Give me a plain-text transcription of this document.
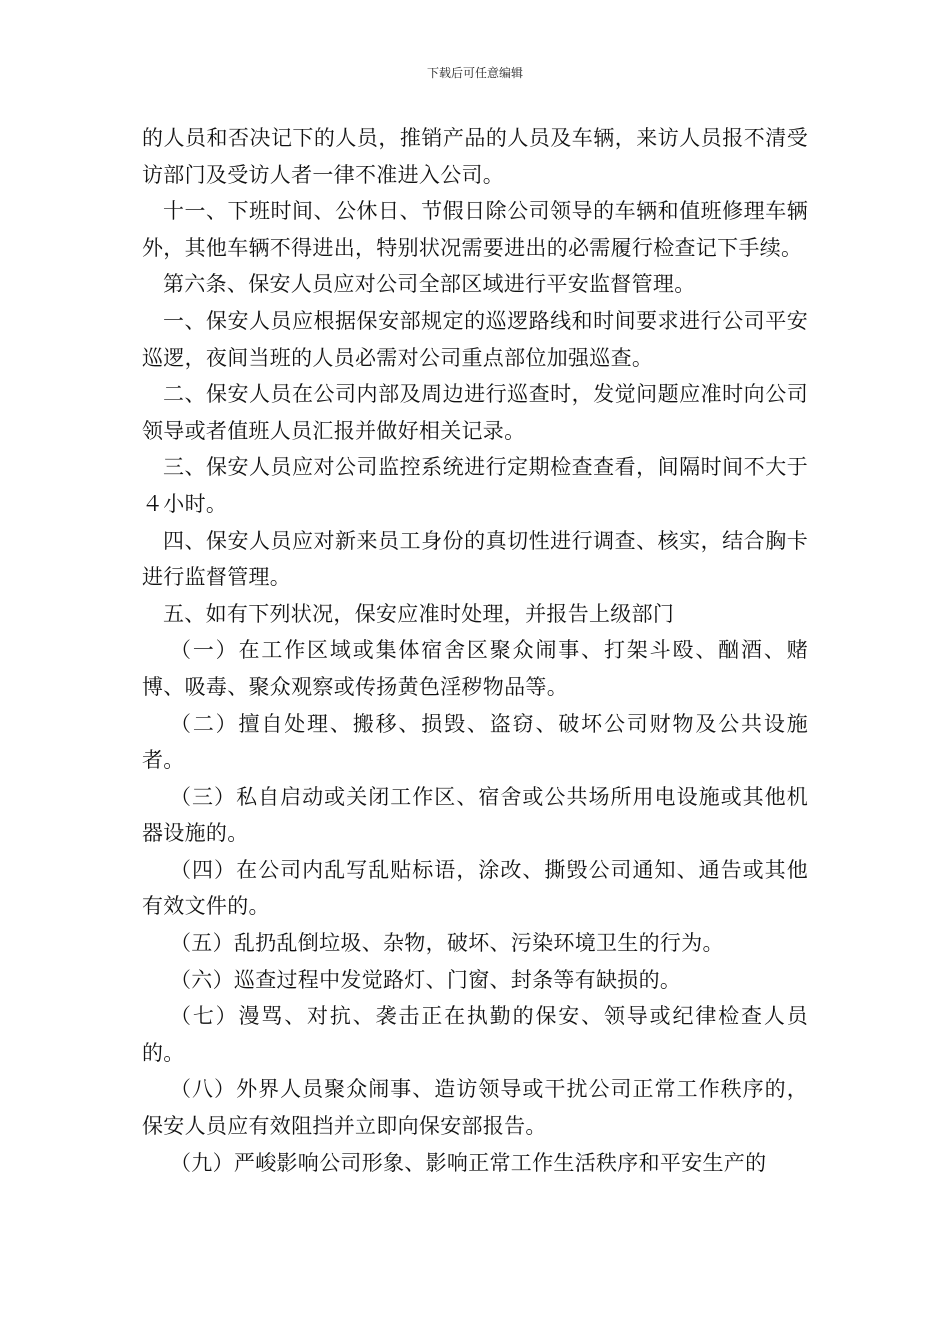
下载后可任意编辑

的人员和否决记下的人员，推销产品的人员及车辆，来访人员报不清受访部门及受访人者一律不准进入公司。

十一、下班时间、公休日、节假日除公司领导的车辆和值班修理车辆外，其他车辆不得进出，特别状况需要进出的必需履行检查记下手续。

第六条、保安人员应对公司全部区域进行平安监督管理。

一、保安人员应根据保安部规定的巡逻路线和时间要求进行公司平安巡逻，夜间当班的人员必需对公司重点部位加强巡查。

二、保安人员在公司内部及周边进行巡查时，发觉问题应准时向公司领导或者值班人员汇报并做好相关记录。

三、保安人员应对公司监控系统进行定期检查查看，间隔时间不大于４小时。

四、保安人员应对新来员工身份的真切性进行调查、核实，结合胸卡进行监督管理。

五、如有下列状况，保安应准时处理，并报告上级部门

（一）在工作区域或集体宿舍区聚众闹事、打架斗殴、酗酒、赌博、吸毒、聚众观察或传扬黄色淫秽物品等。

（二）擅自处理、搬移、损毁、盗窃、破坏公司财物及公共设施者。

（三）私自启动或关闭工作区、宿舍或公共场所用电设施或其他机器设施的。

（四）在公司内乱写乱贴标语，涂改、撕毁公司通知、通告或其他有效文件的。

（五）乱扔乱倒垃圾、杂物，破坏、污染环境卫生的行为。

（六）巡查过程中发觉路灯、门窗、封条等有缺损的。

（七）漫骂、对抗、袭击正在执勤的保安、领导或纪律检查人员的。

（八）外界人员聚众闹事、造访领导或干扰公司正常工作秩序的，保安人员应有效阻挡并立即向保安部报告。

（九）严峻影响公司形象、影响正常工作生活秩序和平安生产的
